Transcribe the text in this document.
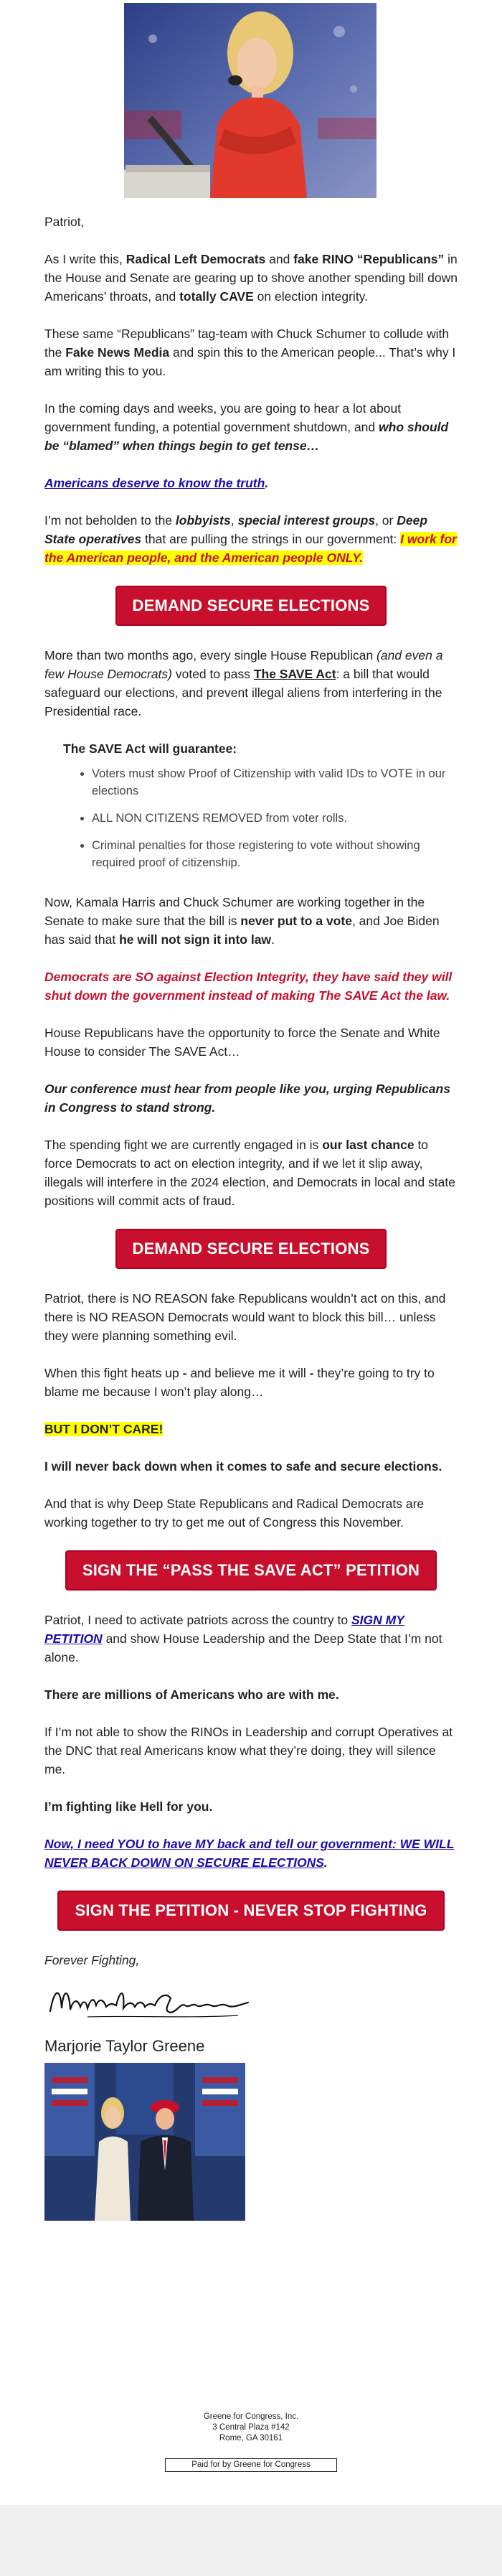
Patriot,

As I write this, Radical Left Democrats and fake RINO “Republicans” in the House and Senate are gearing up to shove another spending bill down Americans’ throats, and totally CAVE on election integrity.

These same “Republicans” tag-team with Chuck Schumer to collude with the Fake News Media and spin this to the American people... That’s why I am writing this to you.

In the coming days and weeks, you are going to hear a lot about government funding, a potential government shutdown, and who should be “blamed” when things begin to get tense…

Americans deserve to know the truth.

I’m not beholden to the lobbyists, special interest groups, or Deep State operatives that are pulling the strings in our government: I work for the American people, and the American people ONLY.

DEMAND SECURE ELECTIONS

More than two months ago, every single House Republican (and even a few House Democrats) voted to pass The SAVE Act: a bill that would safeguard our elections, and prevent illegal aliens from interfering in the Presidential race.

The SAVE Act will guarantee:
• Voters must show Proof of Citizenship with valid IDs to VOTE in our elections
• ALL NON CITIZENS REMOVED from voter rolls.
• Criminal penalties for those registering to vote without showing required proof of citizenship.

Now, Kamala Harris and Chuck Schumer are working together in the Senate to make sure that the bill is never put to a vote, and Joe Biden has said that he will not sign it into law.

Democrats are SO against Election Integrity, they have said they will shut down the government instead of making The SAVE Act the law.

House Republicans have the opportunity to force the Senate and White House to consider The SAVE Act…

Our conference must hear from people like you, urging Republicans in Congress to stand strong.

The spending fight we are currently engaged in is our last chance to force Democrats to act on election integrity, and if we let it slip away, illegals will interfere in the 2024 election, and Democrats in local and state positions will commit acts of fraud.

DEMAND SECURE ELECTIONS

Patriot, there is NO REASON fake Republicans wouldn’t act on this, and there is NO REASON Democrats would want to block this bill… unless they were planning something evil.

When this fight heats up - and believe me it will - they’re going to try to blame me because I won’t play along…

BUT I DON’T CARE!

I will never back down when it comes to safe and secure elections.

And that is why Deep State Republicans and Radical Democrats are working together to try to get me out of Congress this November.

SIGN THE “PASS THE SAVE ACT” PETITION

Patriot, I need to activate patriots across the country to SIGN MY PETITION and show House Leadership and the Deep State that I’m not alone.

There are millions of Americans who are with me.

If I’m not able to show the RINOs in Leadership and corrupt Operatives at the DNC that real Americans know what they’re doing, they will silence me.

I’m fighting like Hell for you.

Now, I need YOU to have MY back and tell our government: WE WILL NEVER BACK DOWN ON SECURE ELECTIONS.

SIGN THE PETITION - NEVER STOP FIGHTING
Forever Fighting,
Marjorie Taylor Greene
Greene for Congress, Inc.
3 Central Plaza #142
Rome, GA 30161
Paid for by Greene for Congress
